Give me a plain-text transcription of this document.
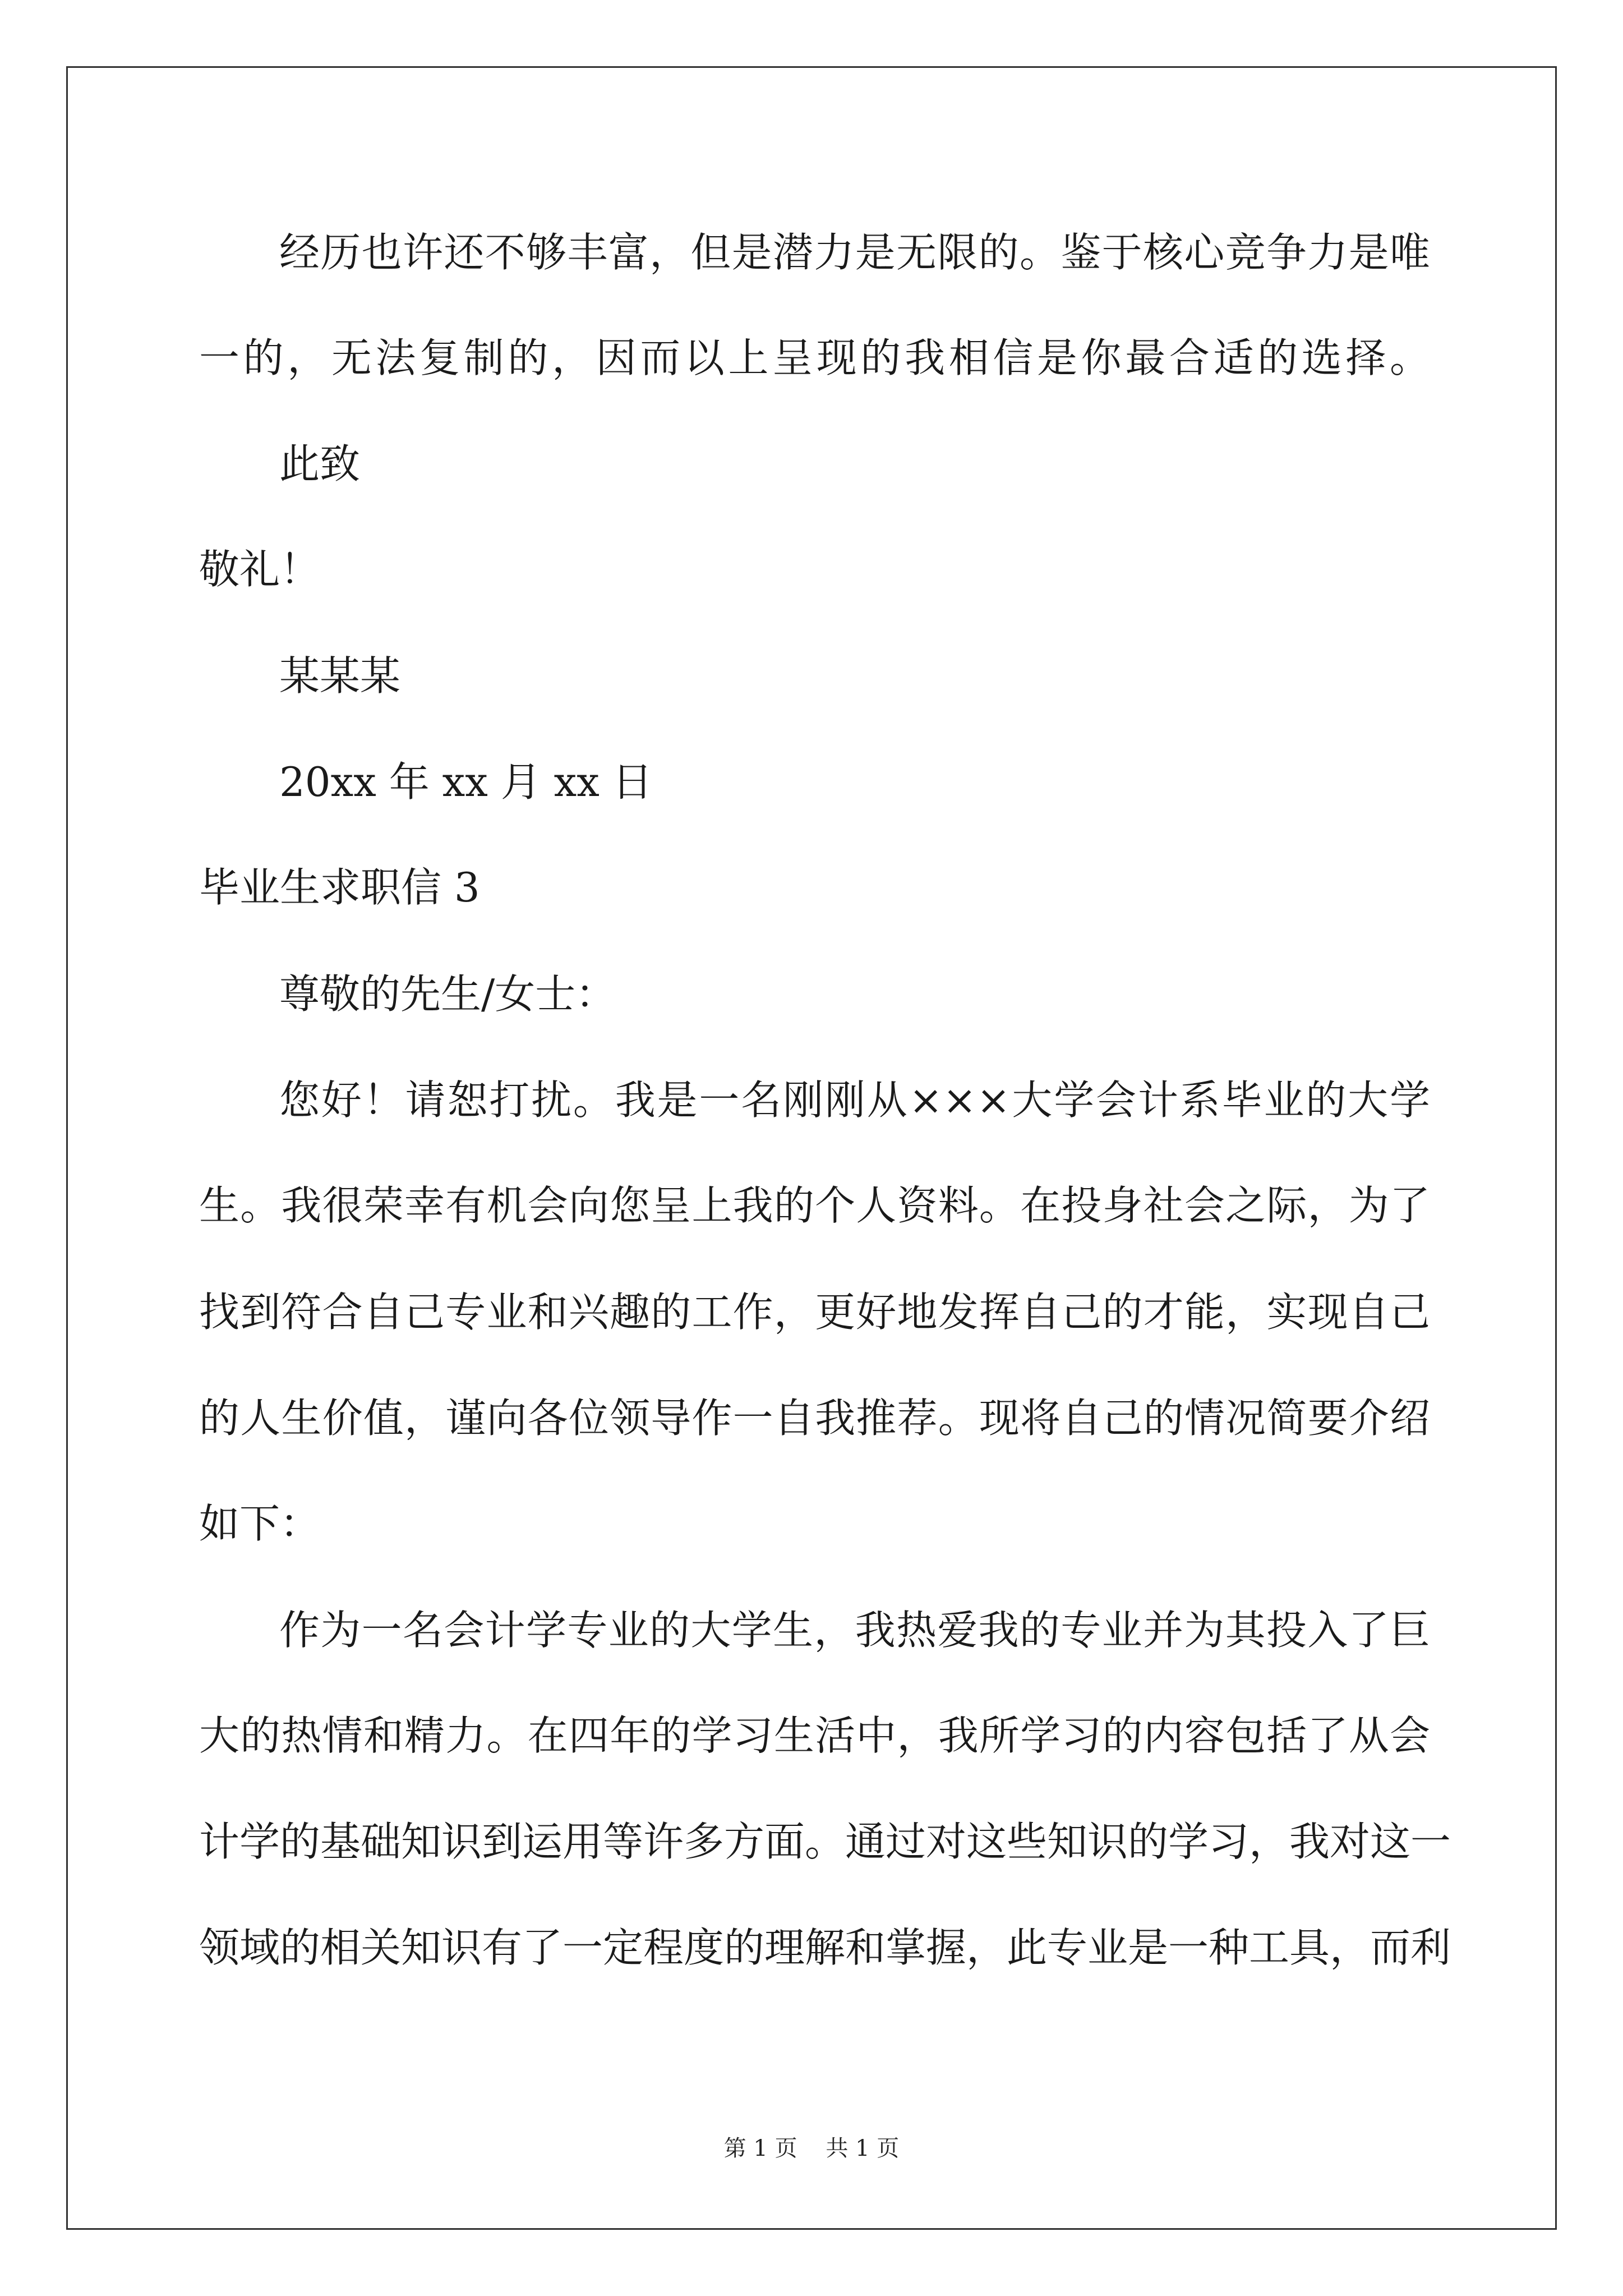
经历也许还不够丰富，但是潜力是无限的。鉴于核心竞争力是唯
一的，无法复制的，因而以上呈现的我相信是你最合适的选择。
此致
敬礼！
某某某
20xx 年 xx 月 xx 日
毕业生求职信 3
尊敬的先生/女士：
您好！请恕打扰。我是一名刚刚从×××大学会计系毕业的大学
生。我很荣幸有机会向您呈上我的个人资料。在投身社会之际，为了
找到符合自己专业和兴趣的工作，更好地发挥自己的才能，实现自己
的人生价值，谨向各位领导作一自我推荐。现将自己的情况简要介绍
如下：
作为一名会计学专业的大学生，我热爱我的专业并为其投入了巨
大的热情和精力。在四年的学习生活中，我所学习的内容包括了从会
计学的基础知识到运用等许多方面。通过对这些知识的学习，我对这一
领域的相关知识有了一定程度的理解和掌握，此专业是一种工具，而利
第 1 页    共 1 页
